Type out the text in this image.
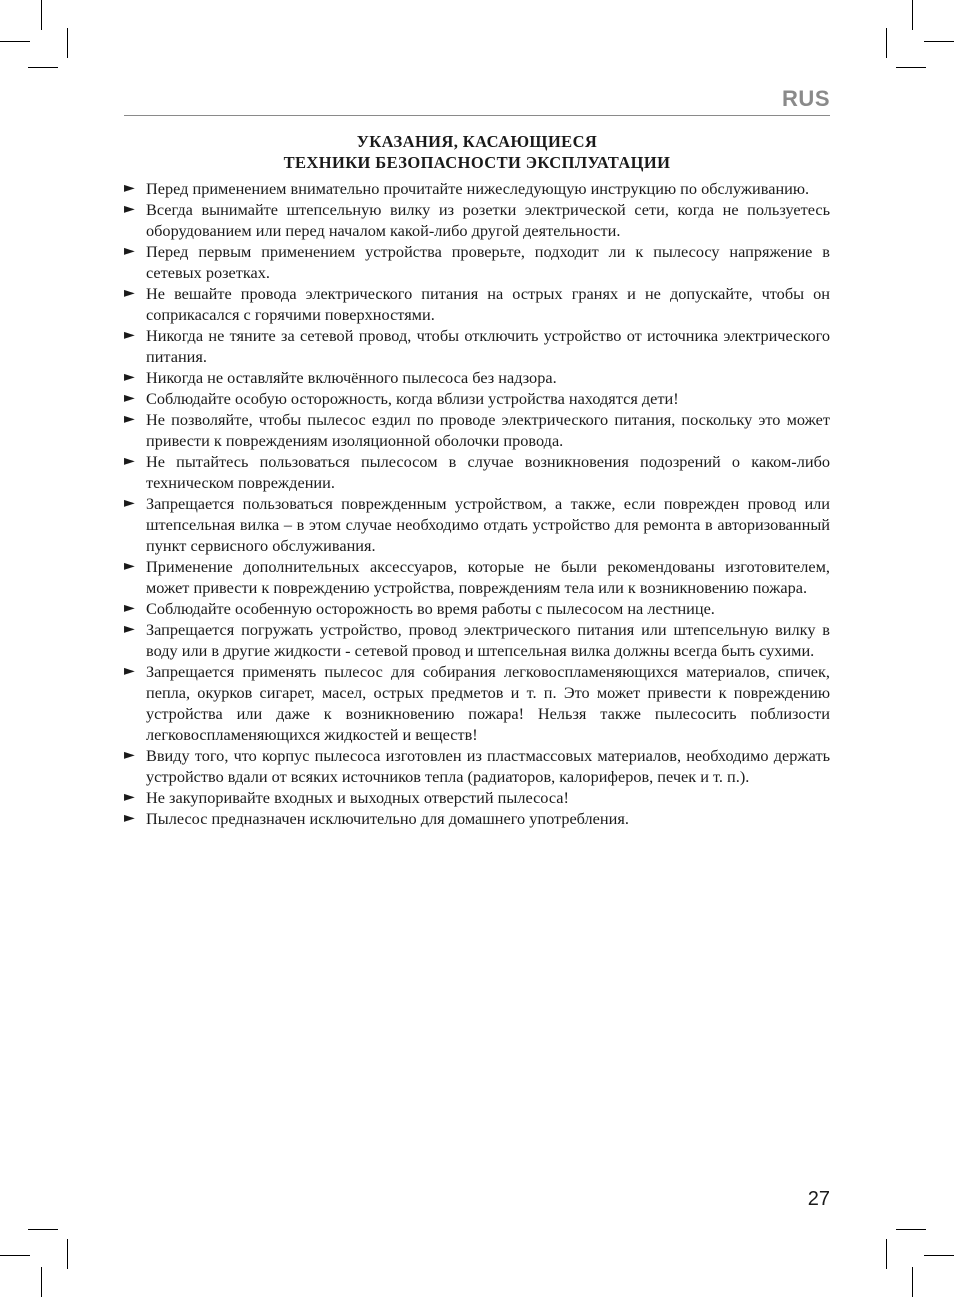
RUS
УКАЗАНИЯ, КАСАЮЩИЕСЯ
ТЕХНИКИ БЕЗОПАСНОСТИ ЭКСПЛУАТАЦИИ
► Перед применением внимательно прочитайте нижеследующую инструкцию по обслуживанию.
► Всегда вынимайте штепсельную вилку из розетки электрической сети, когда не пользуетесь оборудованием или перед началом какой-либо другой деятельности.
► Перед первым применением устройства проверьте, подходит ли к пылесосу напряжение в сетевых розетках.
► Не вешайте провода электрического питания на острых гранях и не допускайте, чтобы он соприкасался с горячими поверхностями.
► Никогда не тяните за сетевой провод, чтобы отключить устройство от источника электрического питания.
► Никогда не оставляйте включённого пылесоса без надзора.
► Соблюдайте особую осторожность, когда вблизи устройства находятся дети!
► Не позволяйте, чтобы пылесос ездил по проводе электрического питания, поскольку это может привести к повреждениям изоляционной оболочки провода.
► Не пытайтесь пользоваться пылесосом в случае возникновения подозрений о каком-либо техническом повреждении.
► Запрещается пользоваться поврежденным устройством, а также, если поврежден провод или штепсельная вилка – в этом случае необходимо отдать устройство для ремонта в авторизованный пункт сервисного обслуживания.
► Применение дополнительных аксессуаров, которые не были рекомендованы изготовителем, может привести к повреждению устройства, повреждениям тела или к возникновению пожара.
► Соблюдайте особенную осторожность во время работы с пылесосом на лестнице.
► Запрещается погружать устройство, провод электрического питания или штепсельную вилку в воду или в другие жидкости - сетевой провод и штепсельная вилка должны всегда быть сухими.
► Запрещается применять пылесос для собирания легковоспламеняющихся материалов, спичек, пепла, окурков сигарет, масел, острых предметов и т. п. Это может привести к повреждению устройства или даже к возникновению пожара! Нельзя также пылесосить поблизости легковоспламеняющихся жидкостей и веществ!
► Ввиду того, что корпус пылесоса изготовлен из пластмассовых материалов, необходимо держать устройство вдали от всяких источников тепла (радиаторов, калориферов, печек и т. п.).
► Не закупоривайте входных и выходных отверстий пылесоса!
► Пылесос предназначен исключительно для домашнего употребления.
27
